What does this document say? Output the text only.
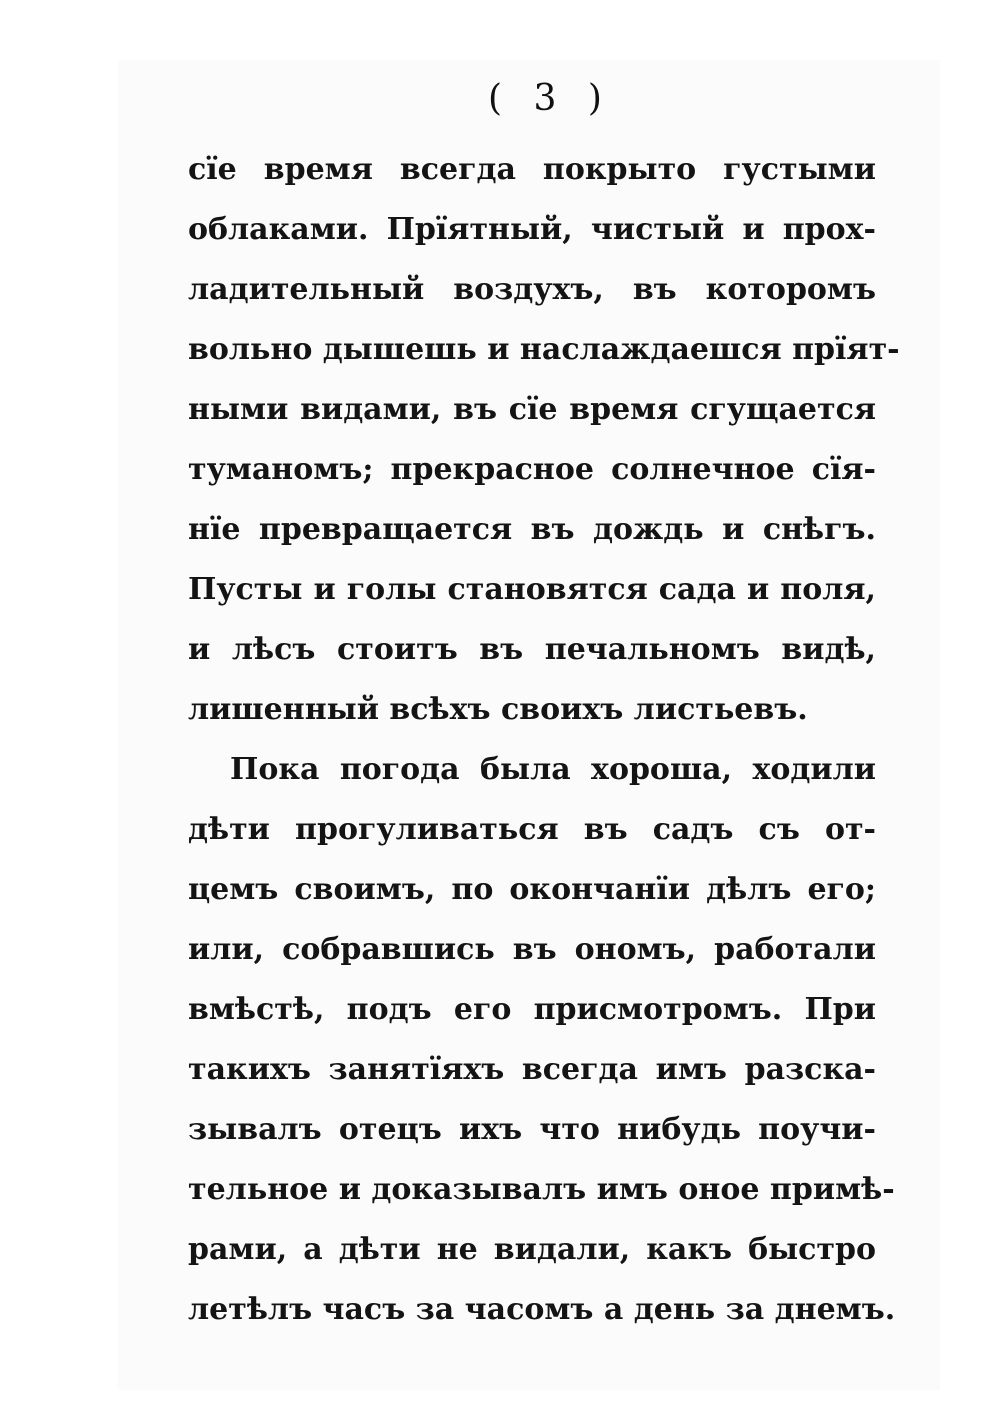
( 3 )
сїе время всегда покрыто густыми
облаками. Прїятный, чистый и прох-
ладительный воздухъ, въ которомъ
вольно дышешь и наслаждаешся прїят-
ными видами, въ сїе время сгущается
туманомъ; прекрасное солнечное сїя-
нїе превращается въ дождь и снѣгъ.
Пусты и голы становятся сада и поля,
и лѣсъ стоитъ въ печальномъ видѣ,
лишенный всѣхъ своихъ листьевъ.
Пока погода была хороша, ходили
дѣти прогуливаться въ садъ съ от-
цемъ своимъ, по окончанїи дѣлъ его;
или, собравшись въ ономъ, работали
вмѣстѣ, подъ его присмотромъ. При
такихъ занятїяхъ всегда имъ разска-
зывалъ отецъ ихъ что нибудь поучи-
тельное и доказывалъ имъ оное примѣ-
рами, а дѣти не видали, какъ быстро
летѣлъ часъ за часомъ а день за днемъ.
